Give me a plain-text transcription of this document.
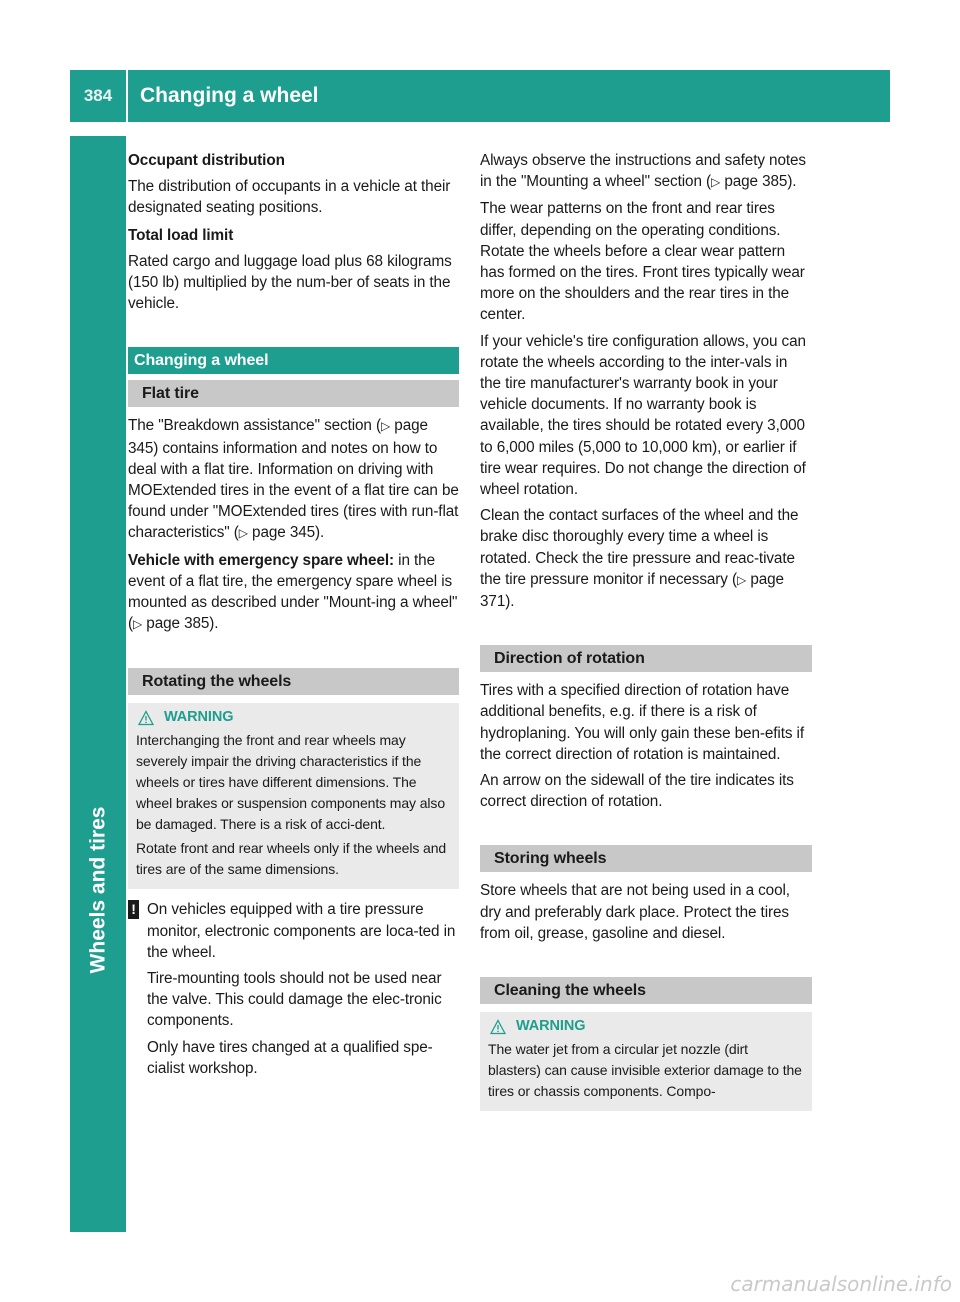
384	Changing a wheel
Wheels and tires

Occupant distribution

The distribution of occupants in a vehicle at their designated seating positions.

Total load limit

Rated cargo and luggage load plus 68 kilograms (150 lb) multiplied by the num-ber of seats in the vehicle.

Changing a wheel
Flat tire

The "Breakdown assistance" section (▷ page 345) contains information and notes on how to deal with a flat tire. Information on driving with MOExtended tires in the event of a flat tire can be found under "MOExtended tires (tires with run-flat characteristics" (▷ page 345).

Vehicle with emergency spare wheel: in the event of a flat tire, the emergency spare wheel is mounted as described under "Mount-ing a wheel" (▷ page 385).

Rotating the wheels
WARNING

Interchanging the front and rear wheels may severely impair the driving characteristics if the wheels or tires have different dimensions. The wheel brakes or suspension components may also be damaged. There is a risk of acci-dent.

Rotate front and rear wheels only if the wheels and tires are of the same dimensions.

! On vehicles equipped with a tire pressure monitor, electronic components are loca-ted in the wheel.

Tire-mounting tools should not be used near the valve. This could damage the elec-tronic components.

Only have tires changed at a qualified spe-cialist workshop.

Always observe the instructions and safety notes in the "Mounting a wheel" section (▷ page 385).

The wear patterns on the front and rear tires differ, depending on the operating conditions. Rotate the wheels before a clear wear pattern has formed on the tires. Front tires typically wear more on the shoulders and the rear tires in the center.

If your vehicle's tire configuration allows, you can rotate the wheels according to the inter-vals in the tire manufacturer's warranty book in your vehicle documents. If no warranty book is available, the tires should be rotated every 3,000 to 6,000 miles (5,000 to 10,000 km), or earlier if tire wear requires. Do not change the direction of wheel rotation.

Clean the contact surfaces of the wheel and the brake disc thoroughly every time a wheel is rotated. Check the tire pressure and reac-tivate the tire pressure monitor if necessary (▷ page 371).

Direction of rotation

Tires with a specified direction of rotation have additional benefits, e.g. if there is a risk of hydroplaning. You will only gain these ben-efits if the correct direction of rotation is maintained.

An arrow on the sidewall of the tire indicates its correct direction of rotation.

Storing wheels

Store wheels that are not being used in a cool, dry and preferably dark place. Protect the tires from oil, grease, gasoline and diesel.

Cleaning the wheels
WARNING

The water jet from a circular jet nozzle (dirt blasters) can cause invisible exterior damage to the tires or chassis components. Compo-

carmanualsonline.info
